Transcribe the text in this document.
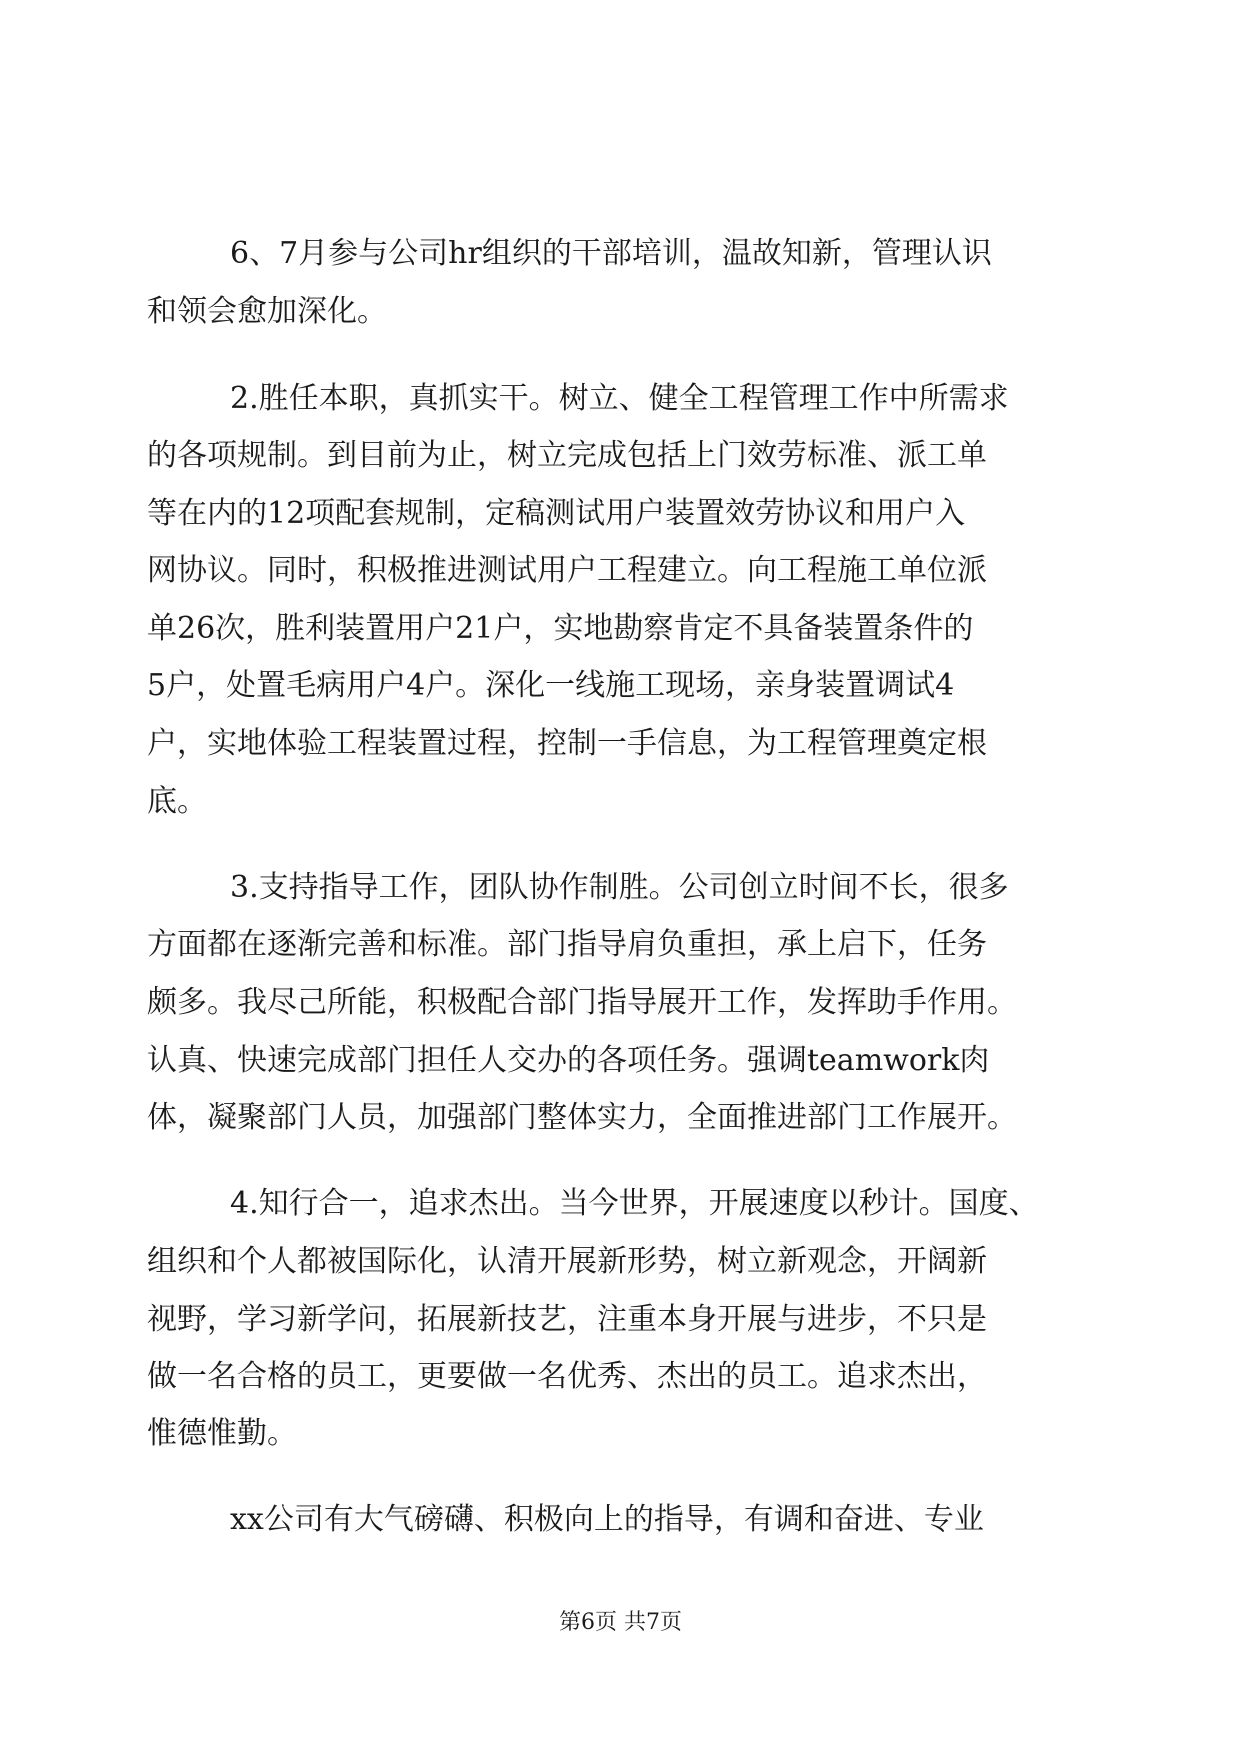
6、7月参与公司hr组织的干部培训，温故知新，管理认识
和领会愈加深化。
2.胜任本职，真抓实干。树立、健全工程管理工作中所需求
的各项规制。到目前为止，树立完成包括上门效劳标准、派工单
等在内的12项配套规制，定稿测试用户装置效劳协议和用户入
网协议。同时，积极推进测试用户工程建立。向工程施工单位派
单26次，胜利装置用户21户，实地勘察肯定不具备装置条件的
5户，处置毛病用户4户。深化一线施工现场，亲身装置调试4
户，实地体验工程装置过程，控制一手信息，为工程管理奠定根
底。
3.支持指导工作，团队协作制胜。公司创立时间不长，很多
方面都在逐渐完善和标准。部门指导肩负重担，承上启下，任务
颇多。我尽己所能，积极配合部门指导展开工作，发挥助手作用。
认真、快速完成部门担任人交办的各项任务。强调teamwork肉
体，凝聚部门人员，加强部门整体实力，全面推进部门工作展开。
4.知行合一，追求杰出。当今世界，开展速度以秒计。国度、
组织和个人都被国际化，认清开展新形势，树立新观念，开阔新
视野，学习新学问，拓展新技艺，注重本身开展与进步，不只是
做一名合格的员工，更要做一名优秀、杰出的员工。追求杰出，
惟德惟勤。
xx公司有大气磅礴、积极向上的指导，有调和奋进、专业
第6页 共7页
